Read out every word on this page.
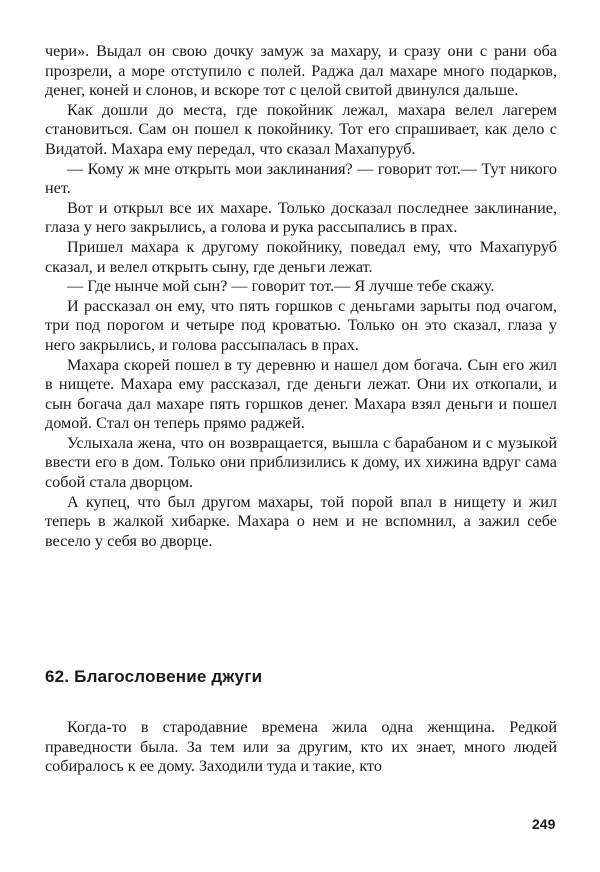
чери». Выдал он свою дочку замуж за махару, и сразу они с рани оба прозрели, а море отступило с полей. Раджа дал махаре много подарков, денег, коней и слонов, и вскоре тот с целой свитой двинулся дальше.

Как дошли до места, где покойник лежал, махара велел лагерем становиться. Сам он пошел к покойнику. Тот его спрашивает, как дело с Видатой. Махара ему передал, что сказал Махапуруб.

— Кому ж мне открыть мои заклинания? — говорит тот.— Тут никого нет.

Вот и открыл все их махаре. Только досказал последнее заклинание, глаза у него закрылись, а голова и рука рассыпались в прах.

Пришел махара к другому покойнику, поведал ему, что Махапуруб сказал, и велел открыть сыну, где деньги лежат.

— Где нынче мой сын? — говорит тот.— Я лучше тебе скажу.

И рассказал он ему, что пять горшков с деньгами зарыты под очагом, три под порогом и четыре под кроватью. Только он это сказал, глаза у него закрылись, и голова рассыпалась в прах.

Махара скорей пошел в ту деревню и нашел дом богача. Сын его жил в нищете. Махара ему рассказал, где деньги лежат. Они их откопали, и сын богача дал махаре пять горшков денег. Махара взял деньги и пошел домой. Стал он теперь прямо раджей.

Услыхала жена, что он возвращается, вышла с барабаном и с музыкой ввести его в дом. Только они приблизились к дому, их хижина вдруг сама собой стала дворцом.

А купец, что был другом махары, той порой впал в нищету и жил теперь в жалкой хибарке. Махара о нем и не вспомнил, а зажил себе весело у себя во дворце.

62. Благословение джуги

Когда-то в стародавние времена жила одна женщина. Редкой праведности была. За тем или за другим, кто их знает, много людей собиралось к ее дому. Заходили туда и такие, кто

249
